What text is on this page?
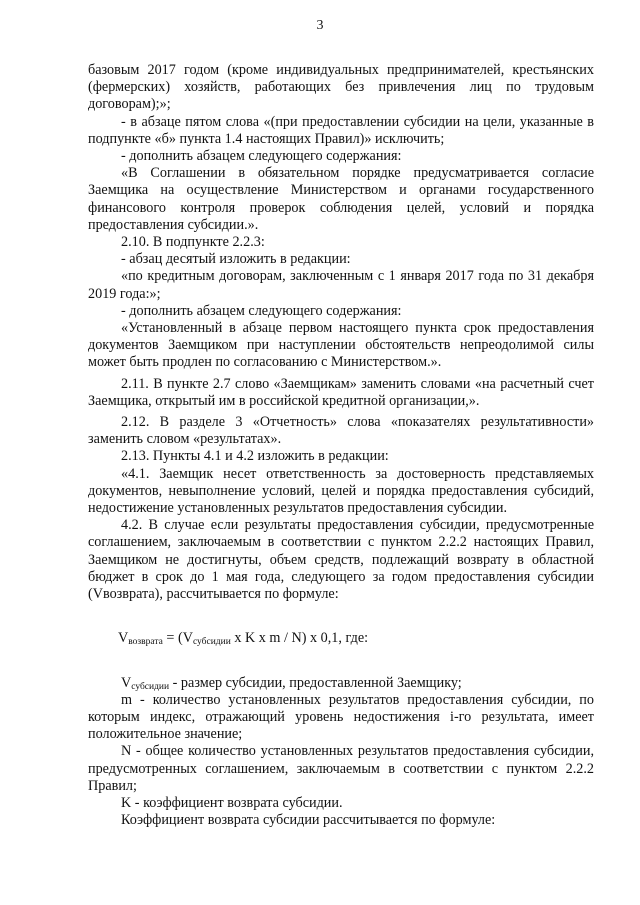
3

базовым 2017 годом (кроме индивидуальных предпринимателей, крестьянских (фермерских) хозяйств, работающих без привлечения лиц по трудовым договорам);»;

- в абзаце пятом слова «(при предоставлении субсидии на цели, указанные в подпункте «б» пункта 1.4 настоящих Правил)» исключить;

- дополнить абзацем следующего содержания:

«В Соглашении в обязательном порядке предусматривается согласие Заемщика на осуществление Министерством и органами государственного финансового контроля проверок соблюдения целей, условий и порядка предоставления субсидии.».

2.10. В подпункте 2.2.3:

- абзац десятый изложить в редакции:

«по кредитным договорам, заключенным с 1 января 2017 года по 31 декабря 2019 года:»;

- дополнить абзацем следующего содержания:

«Установленный в абзаце первом настоящего пункта срок предоставления документов Заемщиком при наступлении обстоятельств непреодолимой силы может быть продлен по согласованию с Министерством.».

2.11. В пункте 2.7 слово «Заемщикам» заменить словами «на расчетный счет Заемщика, открытый им в российской кредитной организации,».

2.12. В разделе 3 «Отчетность» слова «показателях результативности» заменить словом «результатах».

2.13. Пункты 4.1 и 4.2 изложить в редакции:

«4.1. Заемщик несет ответственность за достоверность представляемых документов, невыполнение условий, целей и порядка предоставления субсидий, недостижение установленных результатов предоставления субсидии.

4.2. В случае если результаты предоставления субсидии, предусмотренные соглашением, заключаемым в соответствии с пунктом 2.2.2 настоящих Правил, Заемщиком не достигнуты, объем средств, подлежащий возврату в областной бюджет в срок до 1 мая года, следующего за годом предоставления субсидии (Vвозврата), рассчитывается по формуле:

$V_{возврата} = (V_{субсидии}$ x K x m / N) x 0,1, где:

$V_{субсидии}$ - размер субсидии, предоставленной Заемщику;

m - количество установленных результатов предоставления субсидии, по которым индекс, отражающий уровень недостижения i-го результата, имеет положительное значение;

N - общее количество установленных результатов предоставления субсидии, предусмотренных соглашением, заключаемым в соответствии с пунктом 2.2.2 Правил;

K - коэффициент возврата субсидии.

Коэффициент возврата субсидии рассчитывается по формуле:
